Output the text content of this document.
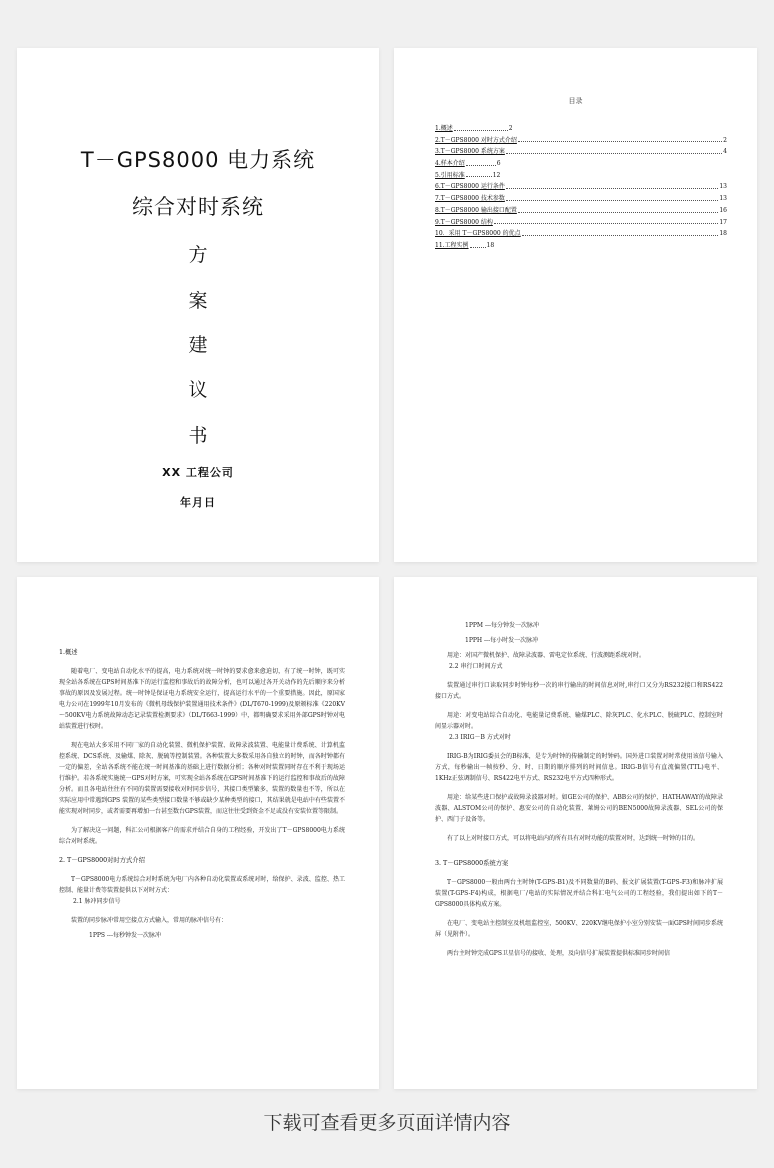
T－GPS8000 电力系统
综合对时系统
方
案
建
议
书
XX 工程公司
年月日
目录
1.概述	2
2.T－GPS8000 对时方式介绍	2
3.T－GPS8000 系统方案	4
4.样本介绍	6
5.引用标准	12
6.T－GPS8000 运行条件	13
7.T－GPS8000 技术参数	13
8.T－GPS8000 输出接口配置	16
9.T－GPS8000 结构	17
10．采用 T－GPS8000 的优点	18
11.工程实例	18

1.概述

随着电厂、变电站自动化水平的提高，电力系统对统一时钟的要求愈来愈迫切，有了统一时钟，既可实现全站各系统在GPS时间基准下的运行监控和事故后的故障分析，也可以通过各开关动作的先后顺序来分析事故的原因及发展过程。统一时钟是保证电力系统安全运行，提高运行水平的一个重要措施。因此，原国家电力公司在1999年10月发布的《微机母线保护装置通用技术条件》(DL/T670-1999)及原颁标准《220KV～500KV电力系统故障动态记录装置检测要求》（DL/T663-1999）中，都明确要求采用外部GPS时钟对电站装置进行校时。

现在电站大多采用不同厂家的自动化装置、微机保护装置、故障录波装置、电能量计费系统、计算机监控系统、DCS系统、及输煤、除灰、脱硫等控制装置。各种装置大多数采用各自独立的时钟，而各时钟都有一定的偏差，全站各系统不能在统一时间基准的基础上进行数据分析；各种对时装置同时存在不利于现场运行维护。若各系统实施统一GPS对时方案，可实现全站各系统在GPS时间基准下的运行监控和事故后的故障分析。而且各电站往往有不同的装置需要接收对时同步信号，其接口类型繁多，装置的数量也不等，所以在实际应用中常遇到GPS 装置的某些类型接口数量不够或缺少某种类型的接口，其结果就是电站中有些装置不能实现对时同步，或者需要再增加一台甚至数台GPS装置，而这往往受到资金不足或没有安装位置等限制。

为了解决这一问题，科汇公司根据客户的需求并结合自身的工程经验，开发出了T－GPS8000电力系统综合对时系统。

2. T－GPS8000对时方式介绍

T－GPS8000电力系统综合对时系统为电厂内各种自动化装置或系统对时，给保护、录波、监控、热工控制、能量计费等装置提供以下对时方式：

2.1 脉冲同步信号

装置的同步脉冲常用空接点方式输入，常用的脉冲信号有：

1PPS ---每秒钟发一次脉冲

1PPM ---每分钟发一次脉冲

1PPH ---每小时发一次脉冲

用途：对国产微机保护、故障录波器、雷电定位系统、行波测距系统对时。

2.2 串行口时间方式

装置通过串行口读取同步时钟每秒一次的串行输出的时间信息对时,串行口又分为RS232接口和RS422接口方式。

用途：对变电站综合自动化、电能量记费系统、输煤PLC、除灰PLC、化水PLC、脱硫PLC、控制室时间显示器对时。

2.3 IRIG－B 方式对时

IRIG-B为IRIG委员会的B标准，是专为时钟的传输制定的时钟码。国外进口装置对时常使用该信号输入方式，每秒输出一帧按秒、分、时、日期的顺序排列的时间信息。IRIG-B信号有直流偏置(TTL)电平、1KHz正弦调制信号、RS422电平方式、RS232电平方式四种形式。

用途：给某些进口保护或故障录波器对时。如GE公司的保护、ABB公司的保护、HATHAWAY的故障录波器、ALSTOM公司的保护、惠安公司的自动化装置、莱姆公司的BEN5000故障录波器、SEL公司的保护、西门子设备等。

有了以上对时接口方式，可以将电站内的所有具有对时功能的装置对时，达到统一时钟的目的。

3. T－GPS8000系统方案

T－GPS8000一般由两台主时钟(T-GPS-B1)及不同数量的B码、报文扩展装置(T-GPS-F3)和脉冲扩展装置(T-GPS-F4)构成，根据电厂/电站的实际情况并结合科汇电气公司的工程经验，我们提出如下的T－GPS8000具体构成方案。

在电厂、变电站主控制室及机组监控室，500KV、220KV继电保护小室分别安装一面GPS时间同步系统屏（见附件）。

两台主时钟完成GPS卫星信号的接收、处理，及向信号扩展装置提供标准同步时间信

下载可查看更多页面详情内容
